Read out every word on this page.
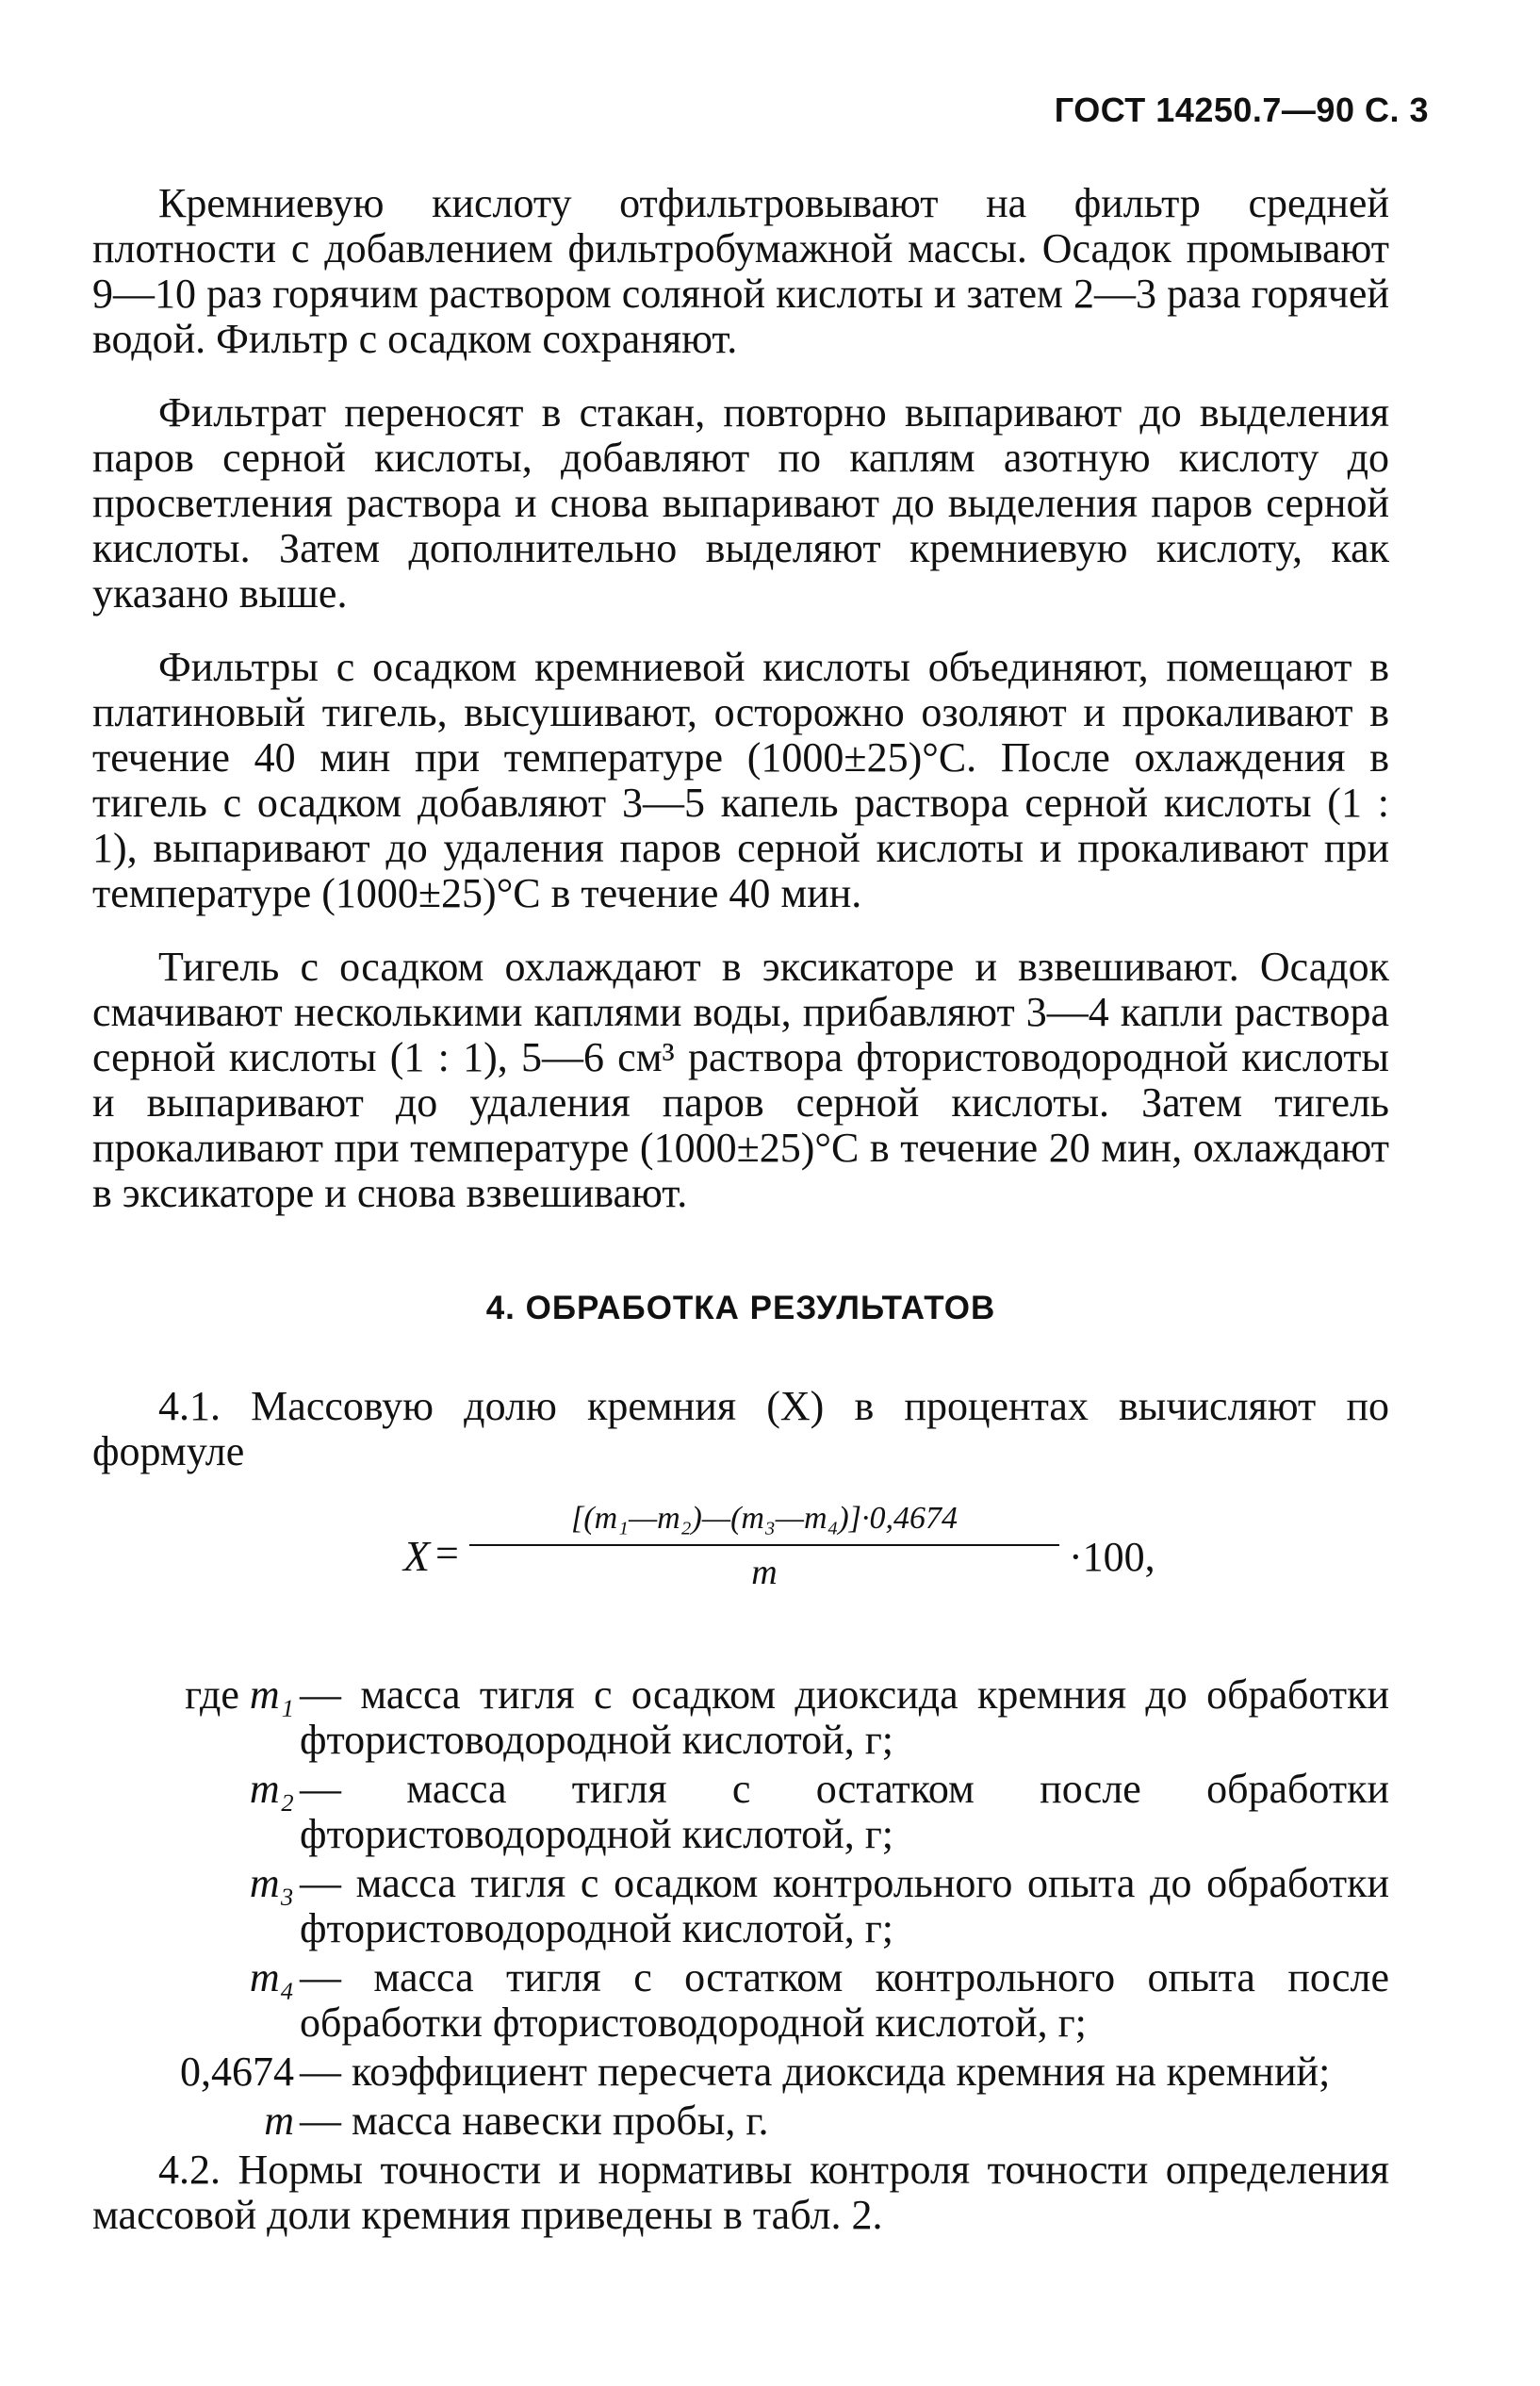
ГОСТ 14250.7—90 С. 3

Кремниевую кислоту отфильтровывают на фильтр средней плотности с добавлением фильтробумажной массы. Осадок промывают 9—10 раз горячим раствором соляной кислоты и затем 2—3 раза горячей водой. Фильтр с осадком сохраняют.

Фильтрат переносят в стакан, повторно выпаривают до выделения паров серной кислоты, добавляют по каплям азотную кислоту до просветления раствора и снова выпаривают до выделения паров серной кислоты. Затем дополнительно выделяют кремниевую кислоту, как указано выше.

Фильтры с осадком кремниевой кислоты объединяют, помещают в платиновый тигель, высушивают, осторожно озоляют и прокаливают в течение 40 мин при температуре (1000±25)°С. После охлаждения в тигель с осадком добавляют 3—5 капель раствора серной кислоты (1 : 1), выпаривают до удаления паров серной кислоты и прокаливают при температуре (1000±25)°С в течение 40 мин.

Тигель с осадком охлаждают в эксикаторе и взвешивают. Осадок смачивают несколькими каплями воды, прибавляют 3—4 капли раствора серной кислоты (1 : 1), 5—6 см³ раствора фтористоводородной кислоты и выпаривают до удаления паров серной кислоты. Затем тигель прокаливают при температуре (1000±25)°С в течение 20 мин, охлаждают в эксикаторе и снова взвешивают.

4. ОБРАБОТКА РЕЗУЛЬТАТОВ

4.1. Массовую долю кремния (X) в процентах вычисляют по формуле

X =
[(m₁—m₂)—(m₃—m₄)]·0,4674
m	·100,
где m₁ — масса тигля с осадком диоксида кремния до обработки фтористоводородной кислотой, г;
m₂ — масса тигля с остатком после обработки фтористоводородной кислотой, г;
m₃ — масса тигля с осадком контрольного опыта до обработки фтористоводородной кислотой, г;
m₄ — масса тигля с остатком контрольного опыта после обработки фтористоводородной кислотой, г;
0,4674 — коэффициент пересчета диоксида кремния на кремний;
m — масса навески пробы, г.

4.2. Нормы точности и нормативы контроля точности определения массовой доли кремния приведены в табл. 2.
